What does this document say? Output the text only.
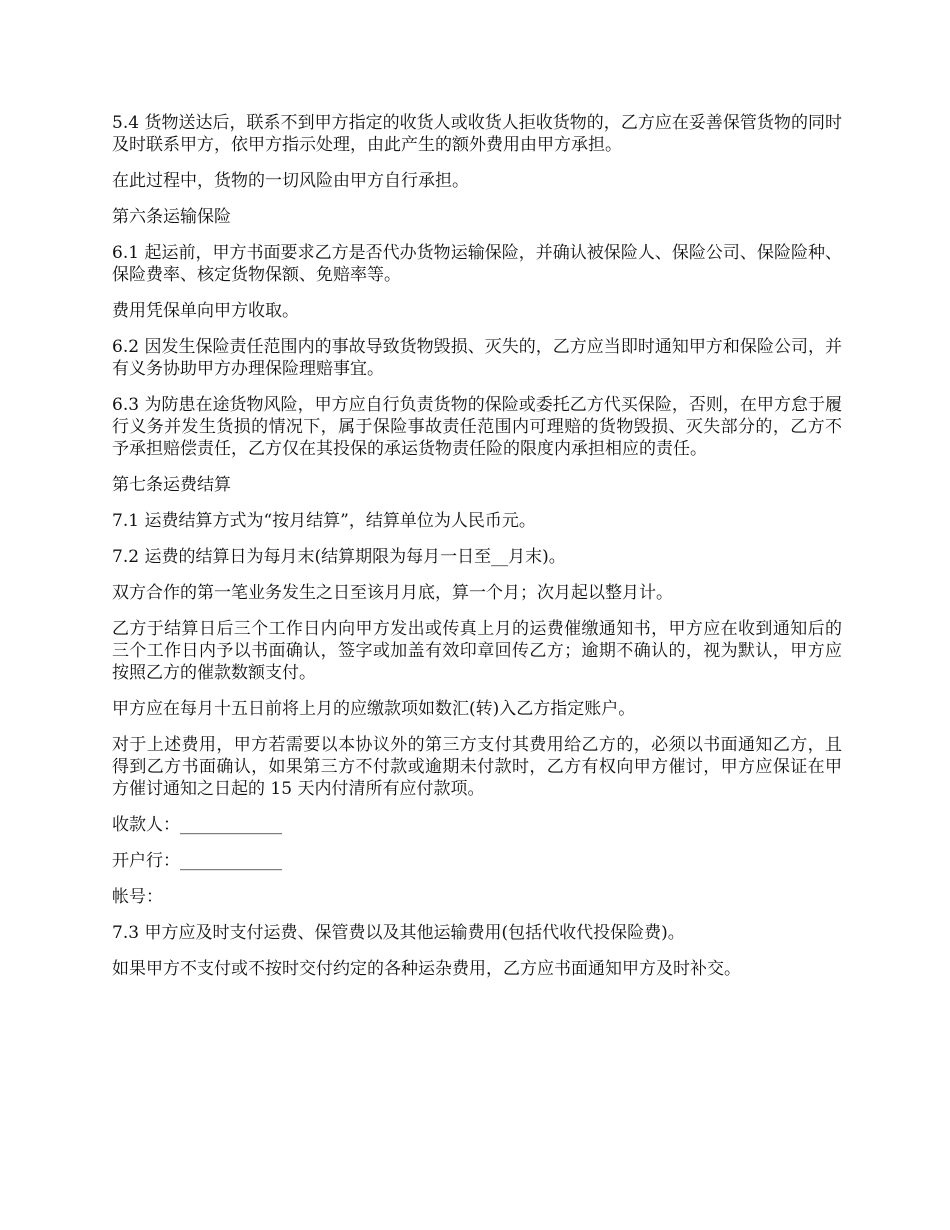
5.4 货物送达后，联系不到甲方指定的收货人或收货人拒收货物的，乙方应在妥善保管货物的同时及时联系甲方，依甲方指示处理，由此产生的额外费用由甲方承担。

在此过程中，货物的一切风险由甲方自行承担。

第六条运输保险

6.1 起运前，甲方书面要求乙方是否代办货物运输保险，并确认被保险人、保险公司、保险险种、保险费率、核定货物保额、免赔率等。

费用凭保单向甲方收取。

6.2 因发生保险责任范围内的事故导致货物毁损、灭失的，乙方应当即时通知甲方和保险公司，并有义务协助甲方办理保险理赔事宜。

6.3 为防患在途货物风险，甲方应自行负责货物的保险或委托乙方代买保险，否则，在甲方怠于履行义务并发生货损的情况下，属于保险事故责任范围内可理赔的货物毁损、灭失部分的，乙方不予承担赔偿责任，乙方仅在其投保的承运货物责任险的限度内承担相应的责任。

第七条运费结算

7.1 运费结算方式为“按月结算”，结算单位为人民币元。

7.2 运费的结算日为每月末(结算期限为每月一日至__月末)。

双方合作的第一笔业务发生之日至该月月底，算一个月；次月起以整月计。

乙方于结算日后三个工作日内向甲方发出或传真上月的运费催缴通知书，甲方应在收到通知后的三个工作日内予以书面确认，签字或加盖有效印章回传乙方；逾期不确认的，视为默认，甲方应按照乙方的催款数额支付。

甲方应在每月十五日前将上月的应缴款项如数汇(转)入乙方指定账户。

对于上述费用，甲方若需要以本协议外的第三方支付其费用给乙方的，必须以书面通知乙方，且得到乙方书面确认，如果第三方不付款或逾期未付款时，乙方有权向甲方催讨，甲方应保证在甲方催讨通知之日起的 15 天内付清所有应付款项。

收款人：____________

开户行：____________

帐号：

7.3 甲方应及时支付运费、保管费以及其他运输费用(包括代收代投保险费)。

如果甲方不支付或不按时交付约定的各种运杂费用，乙方应书面通知甲方及时补交。
